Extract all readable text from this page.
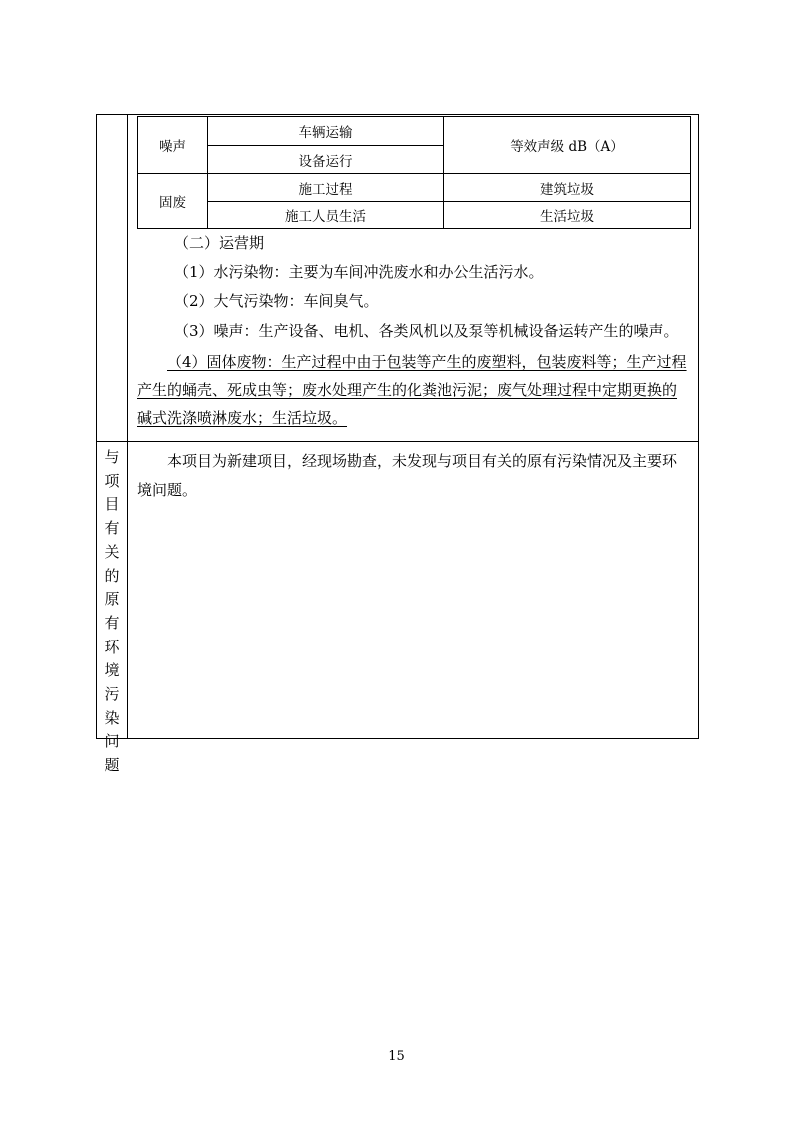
噪声	车辆运输	等效声级 dB（A）
	设备运行	
固废	施工过程	建筑垃圾
	施工人员生活	生活垃圾

（二）运营期

（1）水污染物：主要为车间冲洗废水和办公生活污水。

（2）大气污染物：车间臭气。

（3）噪声：生产设备、电机、各类风机以及泵等机械设备运转产生的噪声。

（4）固体废物：生产过程中由于包装等产生的废塑料，包装废料等；生产过程产生的蛹壳、死成虫等；废水处理产生的化粪池污泥；废气处理过程中定期更换的碱式洗涤喷淋废水；生活垃圾。

与
项
目
有
关
的
原
有
环
境
污
染
问
题

本项目为新建项目，经现场勘查，未发现与项目有关的原有污染情况及主要环境问题。

15
